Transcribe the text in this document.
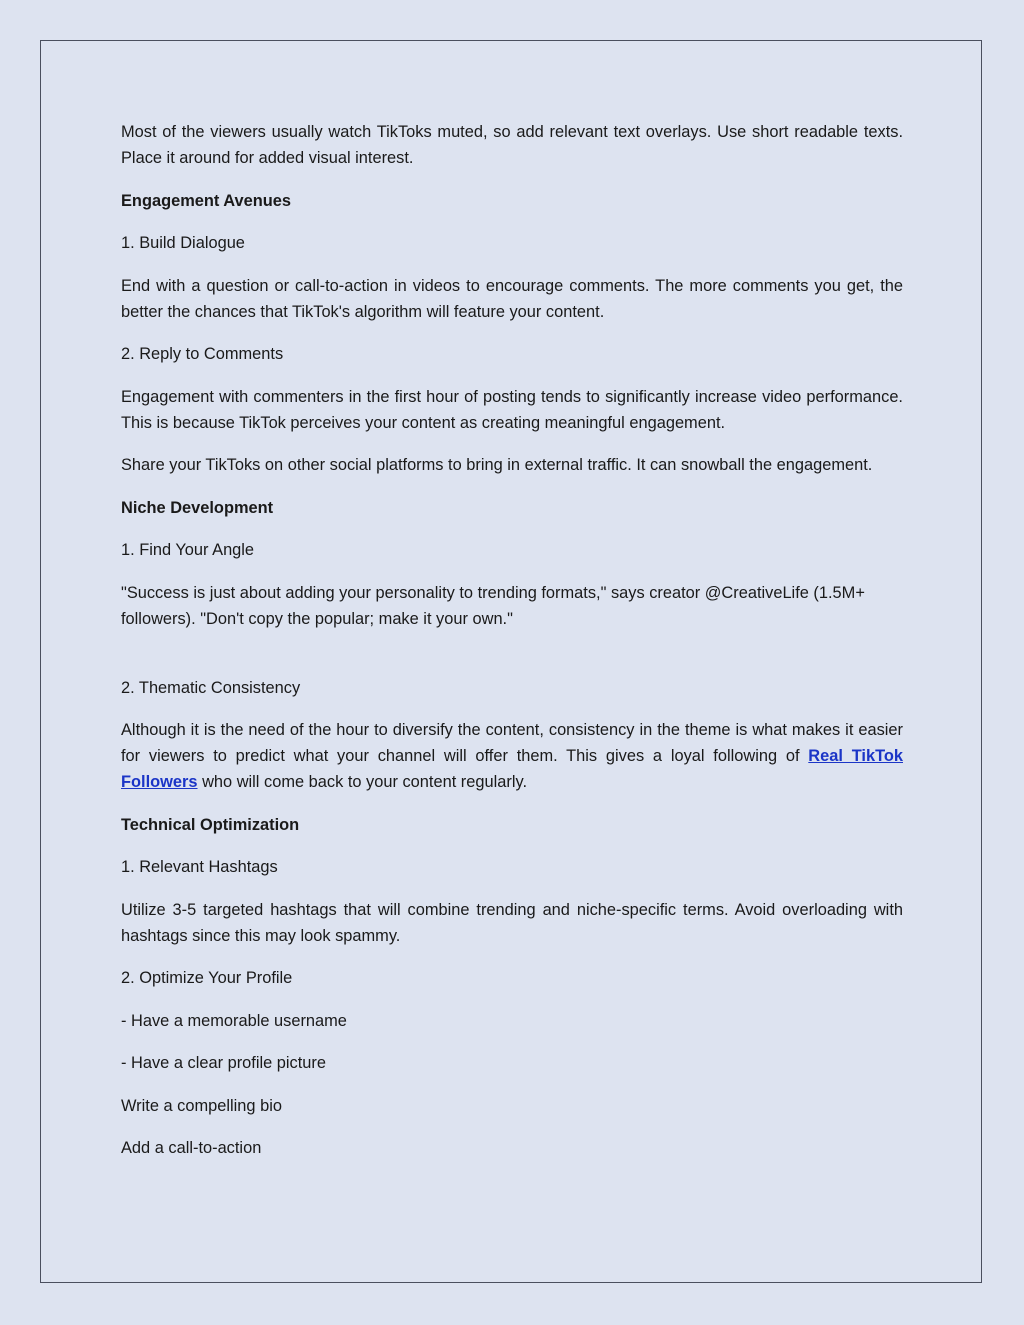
Most of the viewers usually watch TikToks muted, so add relevant text overlays. Use short readable texts. Place it around for added visual interest.

Engagement Avenues

1. Build Dialogue

End with a question or call-to-action in videos to encourage comments. The more comments you get, the better the chances that TikTok's algorithm will feature your content.

2. Reply to Comments

Engagement with commenters in the first hour of posting tends to significantly increase video performance. This is because TikTok perceives your content as creating meaningful engagement.

Share your TikToks on other social platforms to bring in external traffic. It can snowball the engagement.

Niche Development

1. Find Your Angle

"Success is just about adding your personality to trending formats," says creator @CreativeLife (1.5M+ followers). "Don't copy the popular; make it your own."

2. Thematic Consistency

Although it is the need of the hour to diversify the content, consistency in the theme is what makes it easier for viewers to predict what your channel will offer them. This gives a loyal following of Real TikTok Followers who will come back to your content regularly.

Technical Optimization

1. Relevant Hashtags

Utilize 3-5 targeted hashtags that will combine trending and niche-specific terms. Avoid overloading with hashtags since this may look spammy.

2. Optimize Your Profile

- Have a memorable username

- Have a clear profile picture

Write a compelling bio

Add a call-to-action
